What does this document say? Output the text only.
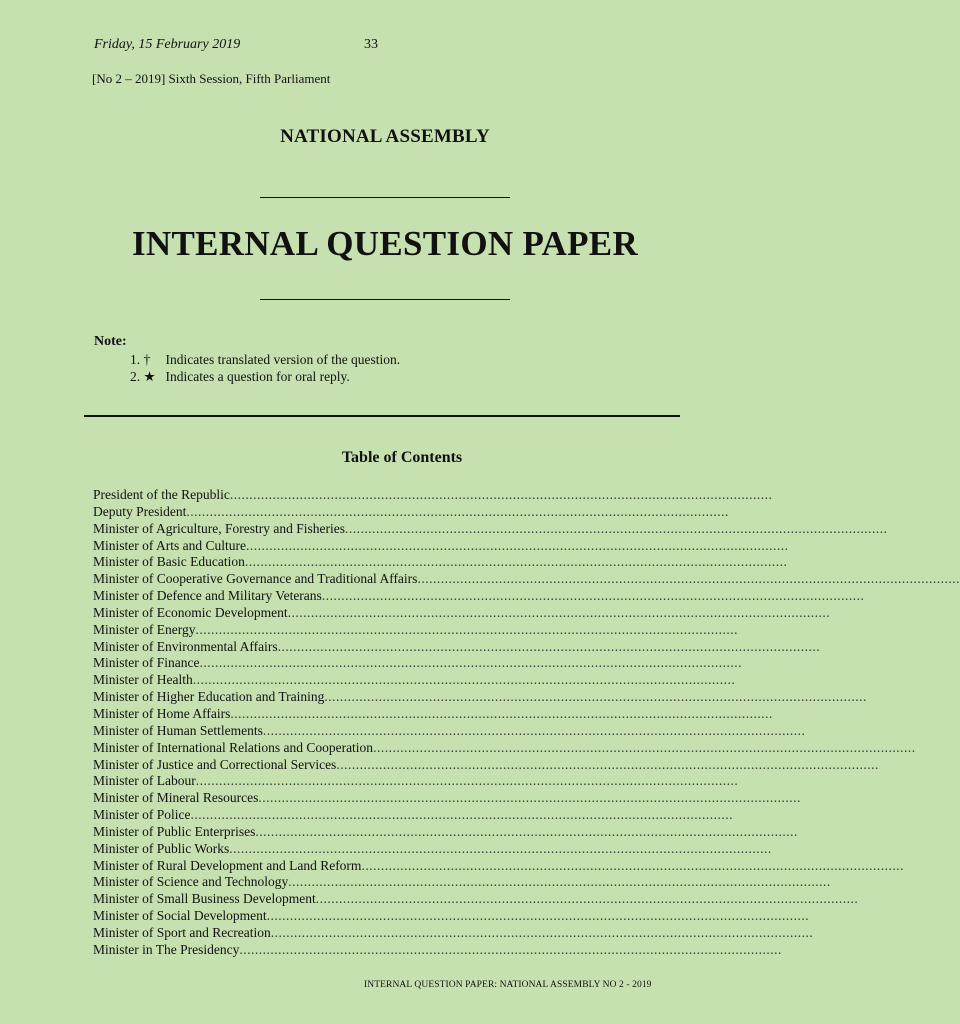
Friday, 15 February 2019	33
[No 2 – 2019] Sixth Session, Fifth Parliament
NATIONAL ASSEMBLY
INTERNAL QUESTION PAPER
Note:
1. † Indicates translated version of the question.
2. ★ Indicates a question for oral reply.
Table of Contents
President of the Republic............................................................................................................................................
Deputy President............................................................................................................................................
Minister of Agriculture, Forestry and Fisheries............................................................................................................................................
Minister of Arts and Culture............................................................................................................................................
Minister of Basic Education............................................................................................................................................
Minister of Cooperative Governance and Traditional Affairs............................................................................................................................................
Minister of Defence and Military Veterans............................................................................................................................................
Minister of Economic Development............................................................................................................................................
Minister of Energy............................................................................................................................................
Minister of Environmental Affairs............................................................................................................................................
Minister of Finance............................................................................................................................................
Minister of Health............................................................................................................................................
Minister of Higher Education and Training............................................................................................................................................
Minister of Home Affairs............................................................................................................................................
Minister of Human Settlements............................................................................................................................................
Minister of International Relations and Cooperation............................................................................................................................................
Minister of Justice and Correctional Services............................................................................................................................................
Minister of Labour............................................................................................................................................
Minister of Mineral Resources............................................................................................................................................
Minister of Police............................................................................................................................................
Minister of Public Enterprises............................................................................................................................................
Minister of Public Works............................................................................................................................................
Minister of Rural Development and Land Reform............................................................................................................................................
Minister of Science and Technology............................................................................................................................................
Minister of Small Business Development............................................................................................................................................
Minister of Social Development............................................................................................................................................
Minister of Sport and Recreation............................................................................................................................................
Minister in The Presidency............................................................................................................................................
INTERNAL QUESTION PAPER: NATIONAL ASSEMBLY NO 2 - 2019
